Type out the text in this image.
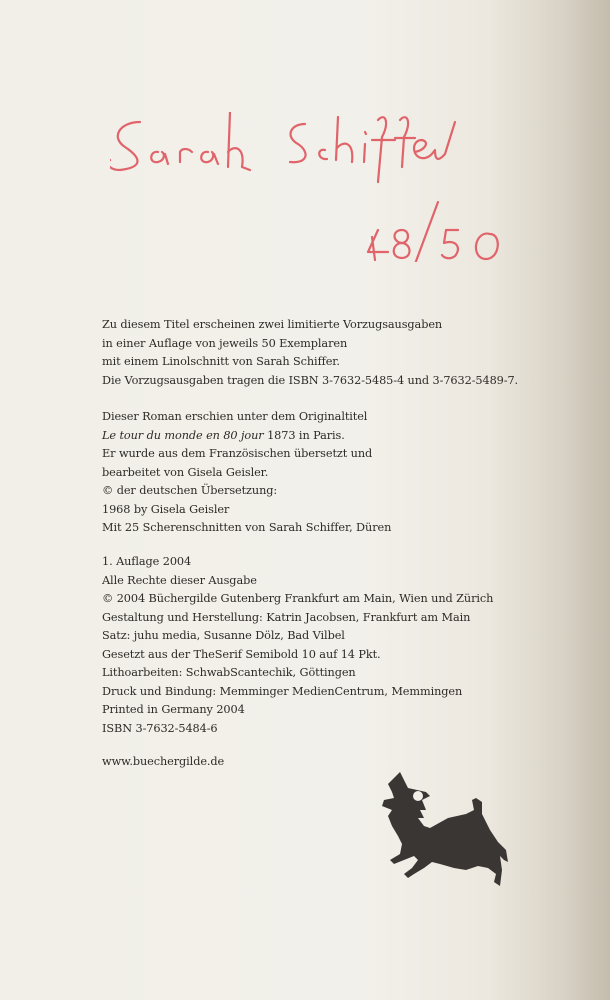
Zu diesem Titel erscheinen zwei limitierte Vorzugsausgaben
in einer Auflage von jeweils 50 Exemplaren
mit einem Linolschnitt von Sarah Schiffer.
Die Vorzugsausgaben tragen die ISBN 3-7632-5485-4 und 3-7632-5489-7.
Dieser Roman erschien unter dem Originaltitel
Le tour du monde en 80 jour 1873 in Paris.
Er wurde aus dem Französischen übersetzt und
bearbeitet von Gisela Geisler.
© der deutschen Übersetzung:
1968 by Gisela Geisler
Mit 25 Scherenschnitten von Sarah Schiffer, Düren
1. Auflage 2004
Alle Rechte dieser Ausgabe
© 2004 Büchergilde Gutenberg Frankfurt am Main, Wien und Zürich
Gestaltung und Herstellung: Katrin Jacobsen, Frankfurt am Main
Satz: juhu media, Susanne Dölz, Bad Vilbel
Gesetzt aus der TheSerif Semibold 10 auf 14 Pkt.
Lithoarbeiten: SchwabScantechik, Göttingen
Druck und Bindung: Memminger MedienCentrum, Memmingen
Printed in Germany 2004
ISBN 3-7632-5484-6
www.buechergilde.de
